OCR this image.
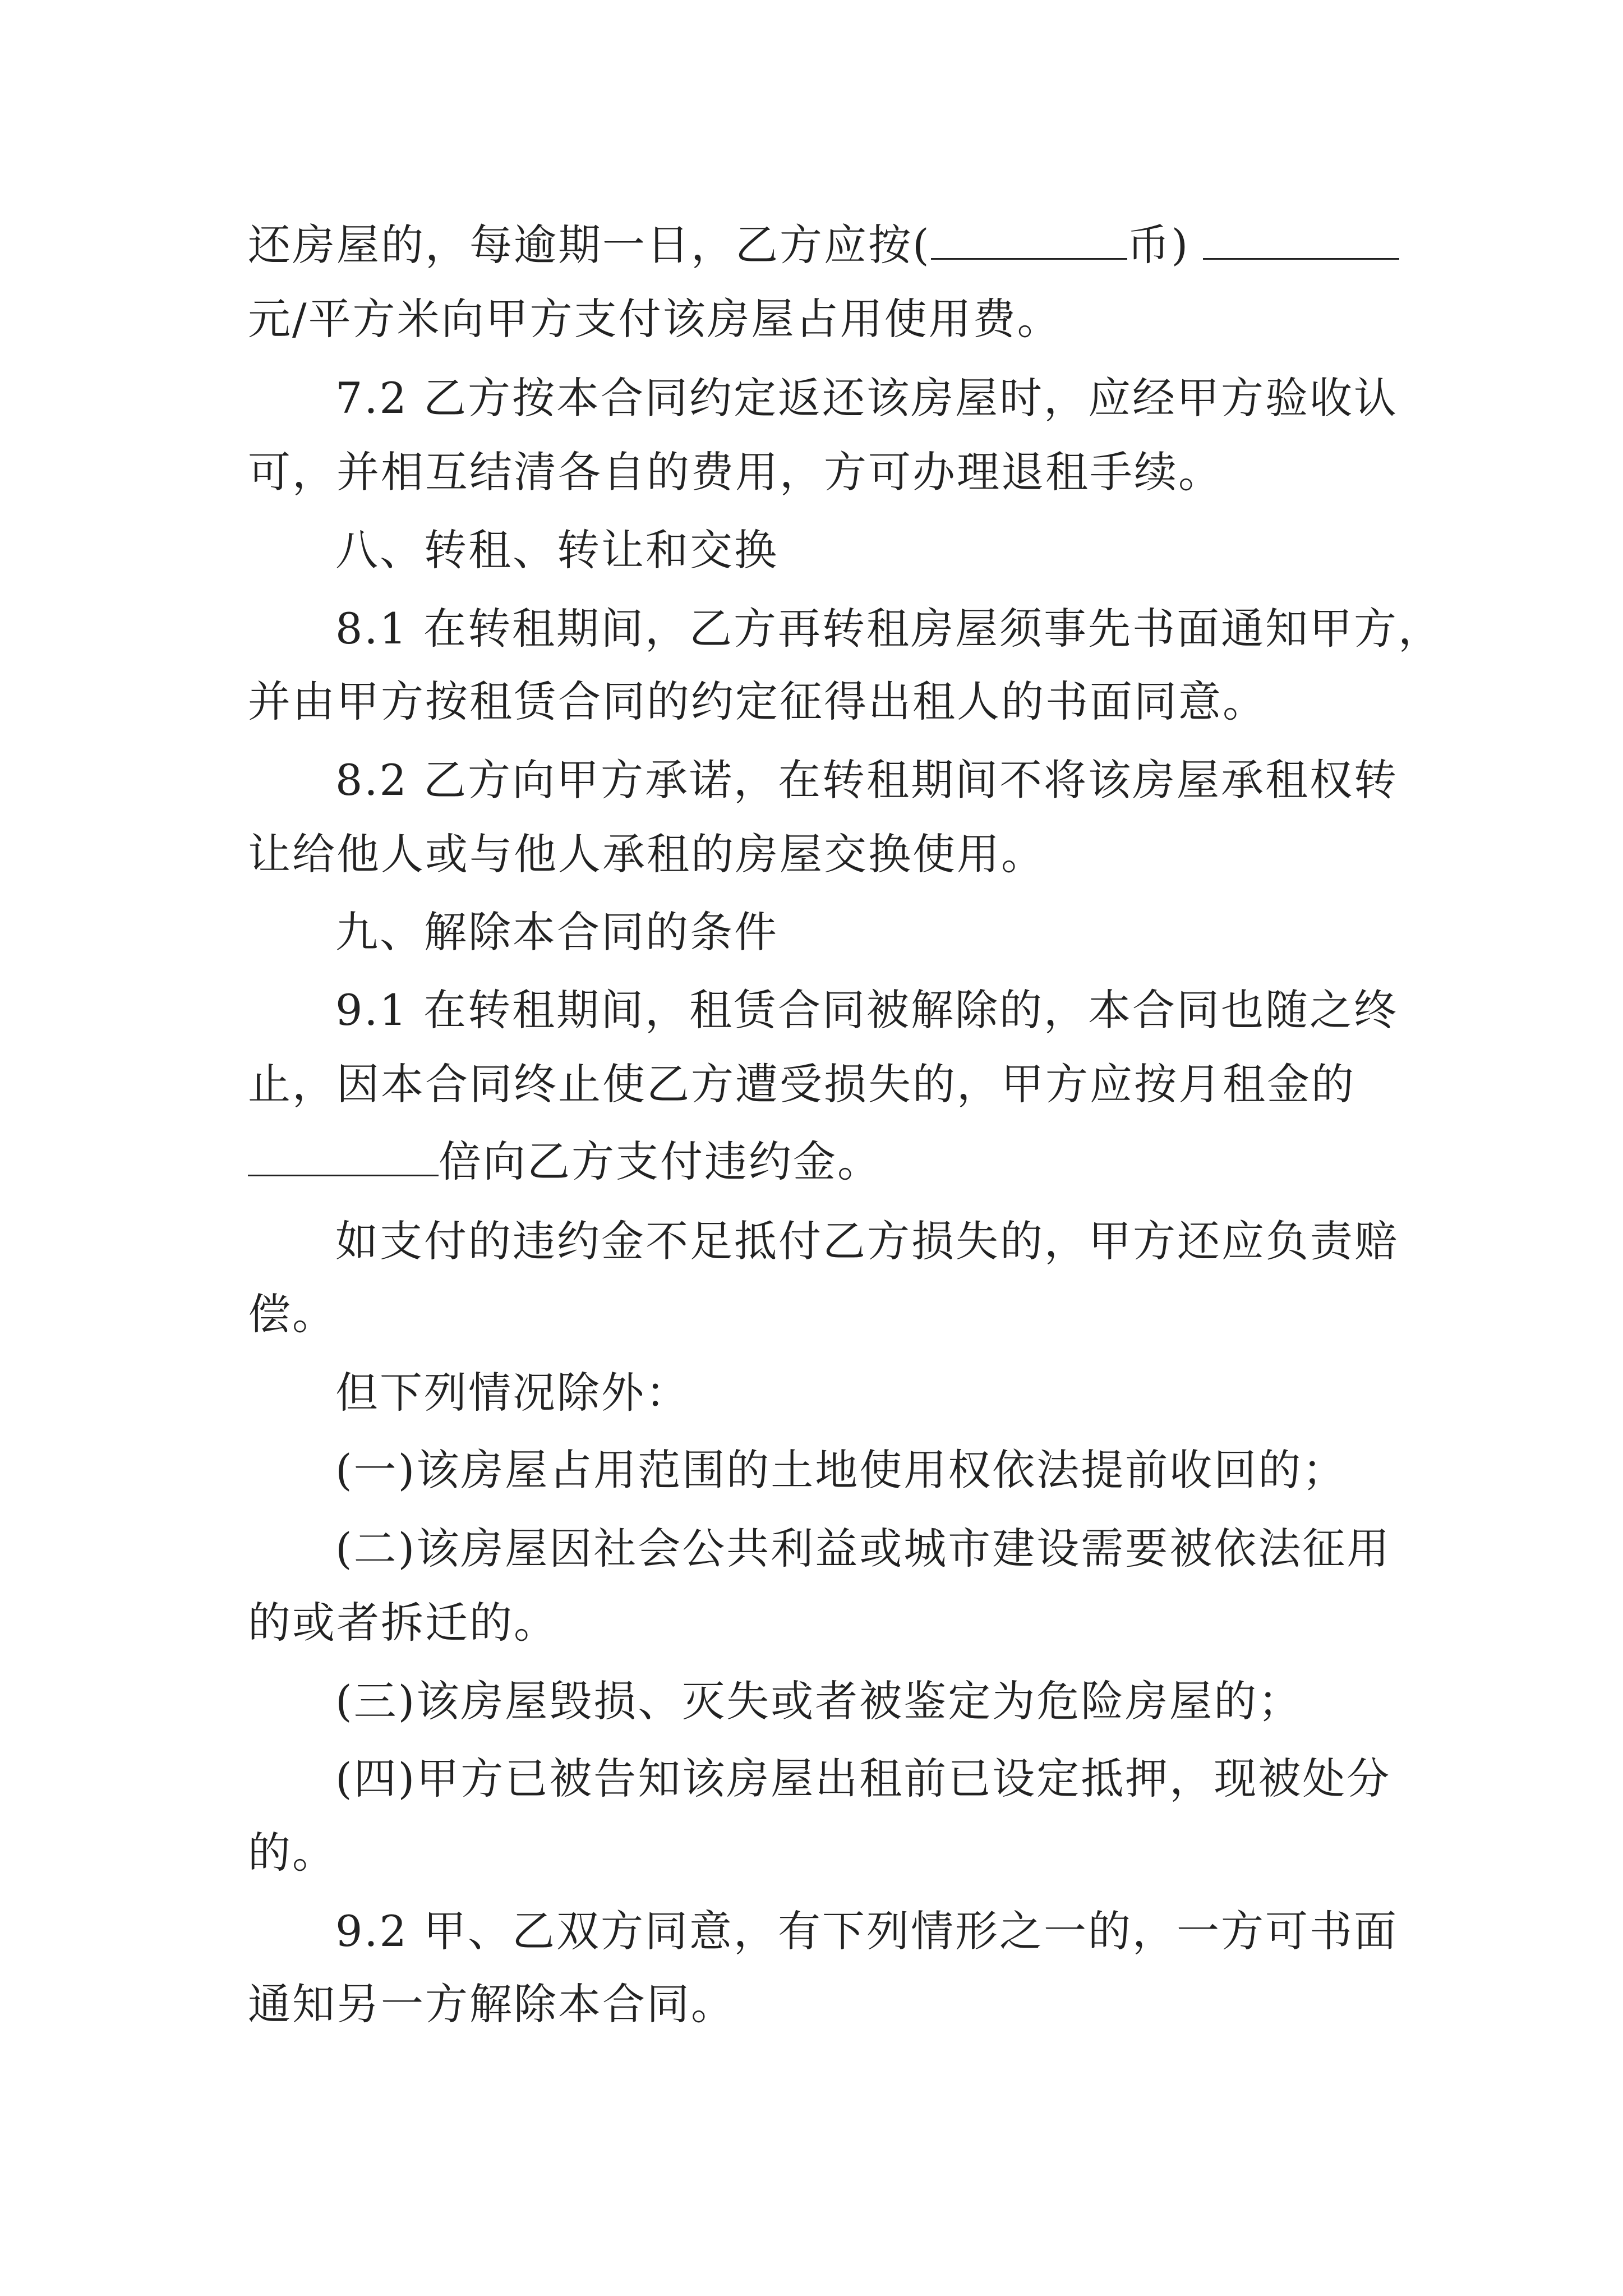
还房屋的，每逾期一日，乙方应按(	币)
元/平方米向甲方支付该房屋占用使用费。
7.2 乙方按本合同约定返还该房屋时，应经甲方验收认
可，并相互结清各自的费用，方可办理退租手续。
八、转租、转让和交换
8.1 在转租期间，乙方再转租房屋须事先书面通知甲方，
并由甲方按租赁合同的约定征得出租人的书面同意。
8.2 乙方向甲方承诺，在转租期间不将该房屋承租权转
让给他人或与他人承租的房屋交换使用。
九、解除本合同的条件
9.1 在转租期间，租赁合同被解除的，本合同也随之终
止，因本合同终止使乙方遭受损失的，甲方应按月租金的
倍向乙方支付违约金。
如支付的违约金不足抵付乙方损失的，甲方还应负责赔
偿。
但下列情况除外：
(一)该房屋占用范围的土地使用权依法提前收回的；
(二)该房屋因社会公共利益或城市建设需要被依法征用
的或者拆迁的。
(三)该房屋毁损、灭失或者被鉴定为危险房屋的；
(四)甲方已被告知该房屋出租前已设定抵押，现被处分
的。
9.2 甲、乙双方同意，有下列情形之一的，一方可书面
通知另一方解除本合同。
